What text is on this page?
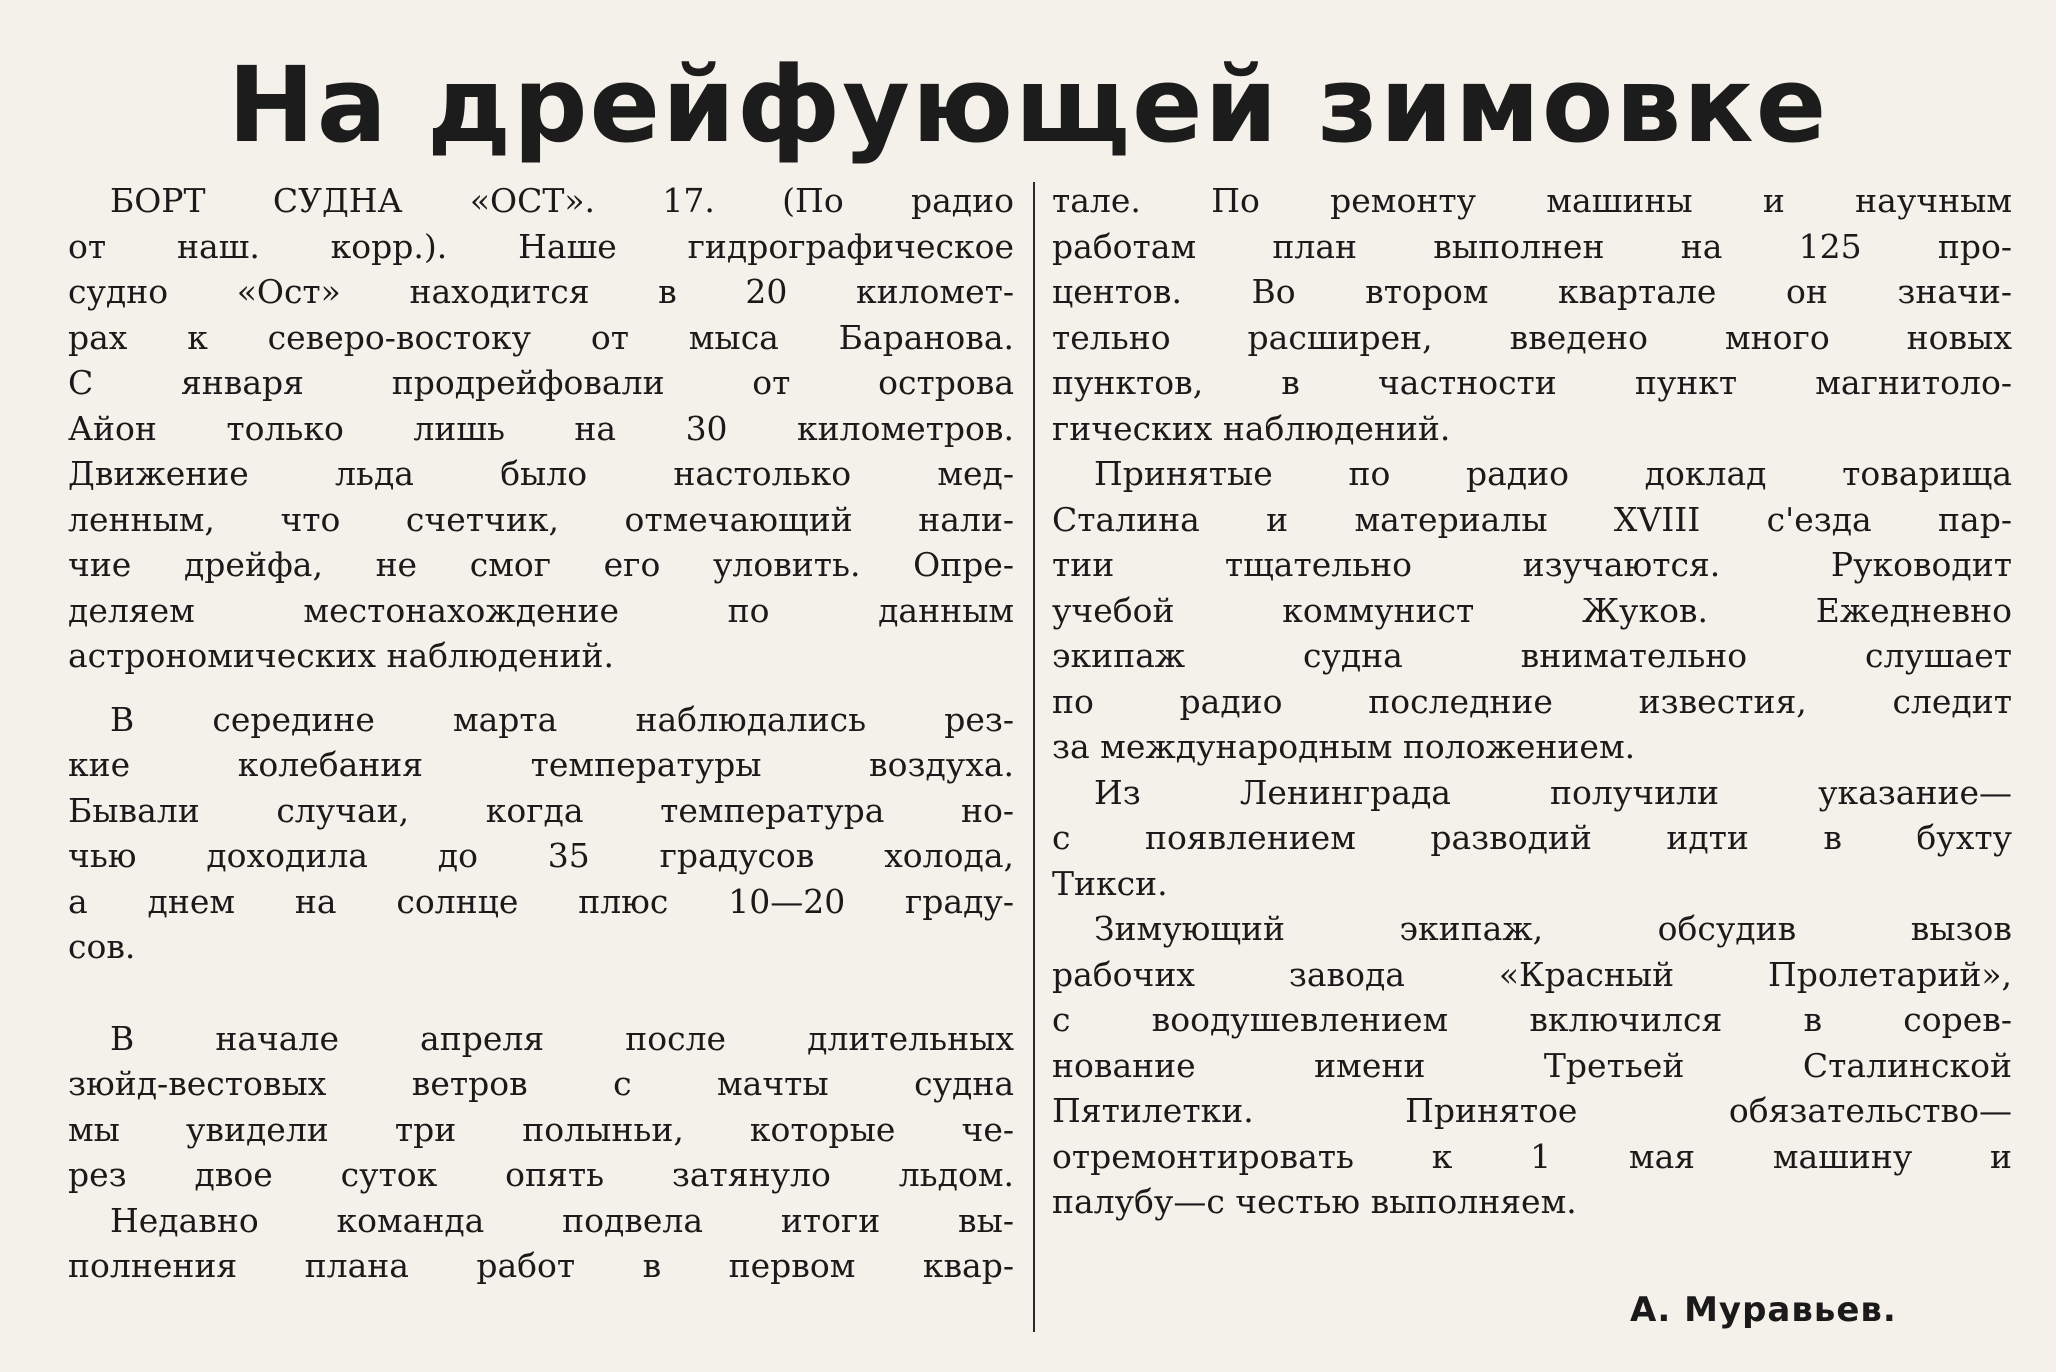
На дрейфующей зимовке
БОРТ СУДНА «ОСТ». 17. (По радио
от наш. корр.). Наше гидрографическое
судно «Ост» находится в 20 километ-
рах к северо-востоку от мыса Баранова.
С января продрейфовали от острова
Айон только лишь на 30 километров.
Движение льда было настолько мед-
ленным, что счетчик, отмечающий нали-
чие дрейфа, не смог его уловить. Опре-
деляем местонахождение по данным
астрономических наблюдений.
В середине марта наблюдались рез-
кие колебания температуры воздуха.
Бывали случаи, когда температура но-
чью доходила до 35 градусов холода,
а днем на солнце плюс 10—20 граду-
сов.
В начале апреля после длительных
зюйд-вестовых ветров с мачты судна
мы увидели три полыньи, которые че-
рез двое суток опять затянуло льдом.
Недавно команда подвела итоги вы-
полнения плана работ в первом квар-
тале. По ремонту машины и научным
работам план выполнен на 125 про-
центов. Во втором квартале он значи-
тельно расширен, введено много новых
пунктов, в частности пункт магнитоло-
гических наблюдений.
Принятые по радио доклад товарища
Сталина и материалы XVIII с'езда пар-
тии тщательно изучаются. Руководит
учебой коммунист Жуков. Ежедневно
экипаж судна внимательно слушает
по радио последние известия, следит
за международным положением.
Из Ленинграда получили указание—
с появлением разводий идти в бухту
Тикси.
Зимующий экипаж, обсудив вызов
рабочих завода «Красный Пролетарий»,
с воодушевлением включился в сорев-
нование имени Третьей Сталинской
Пятилетки. Принятое обязательство—
отремонтировать к 1 мая машину и
палубу—с честью выполняем.
А. Муравьев.
